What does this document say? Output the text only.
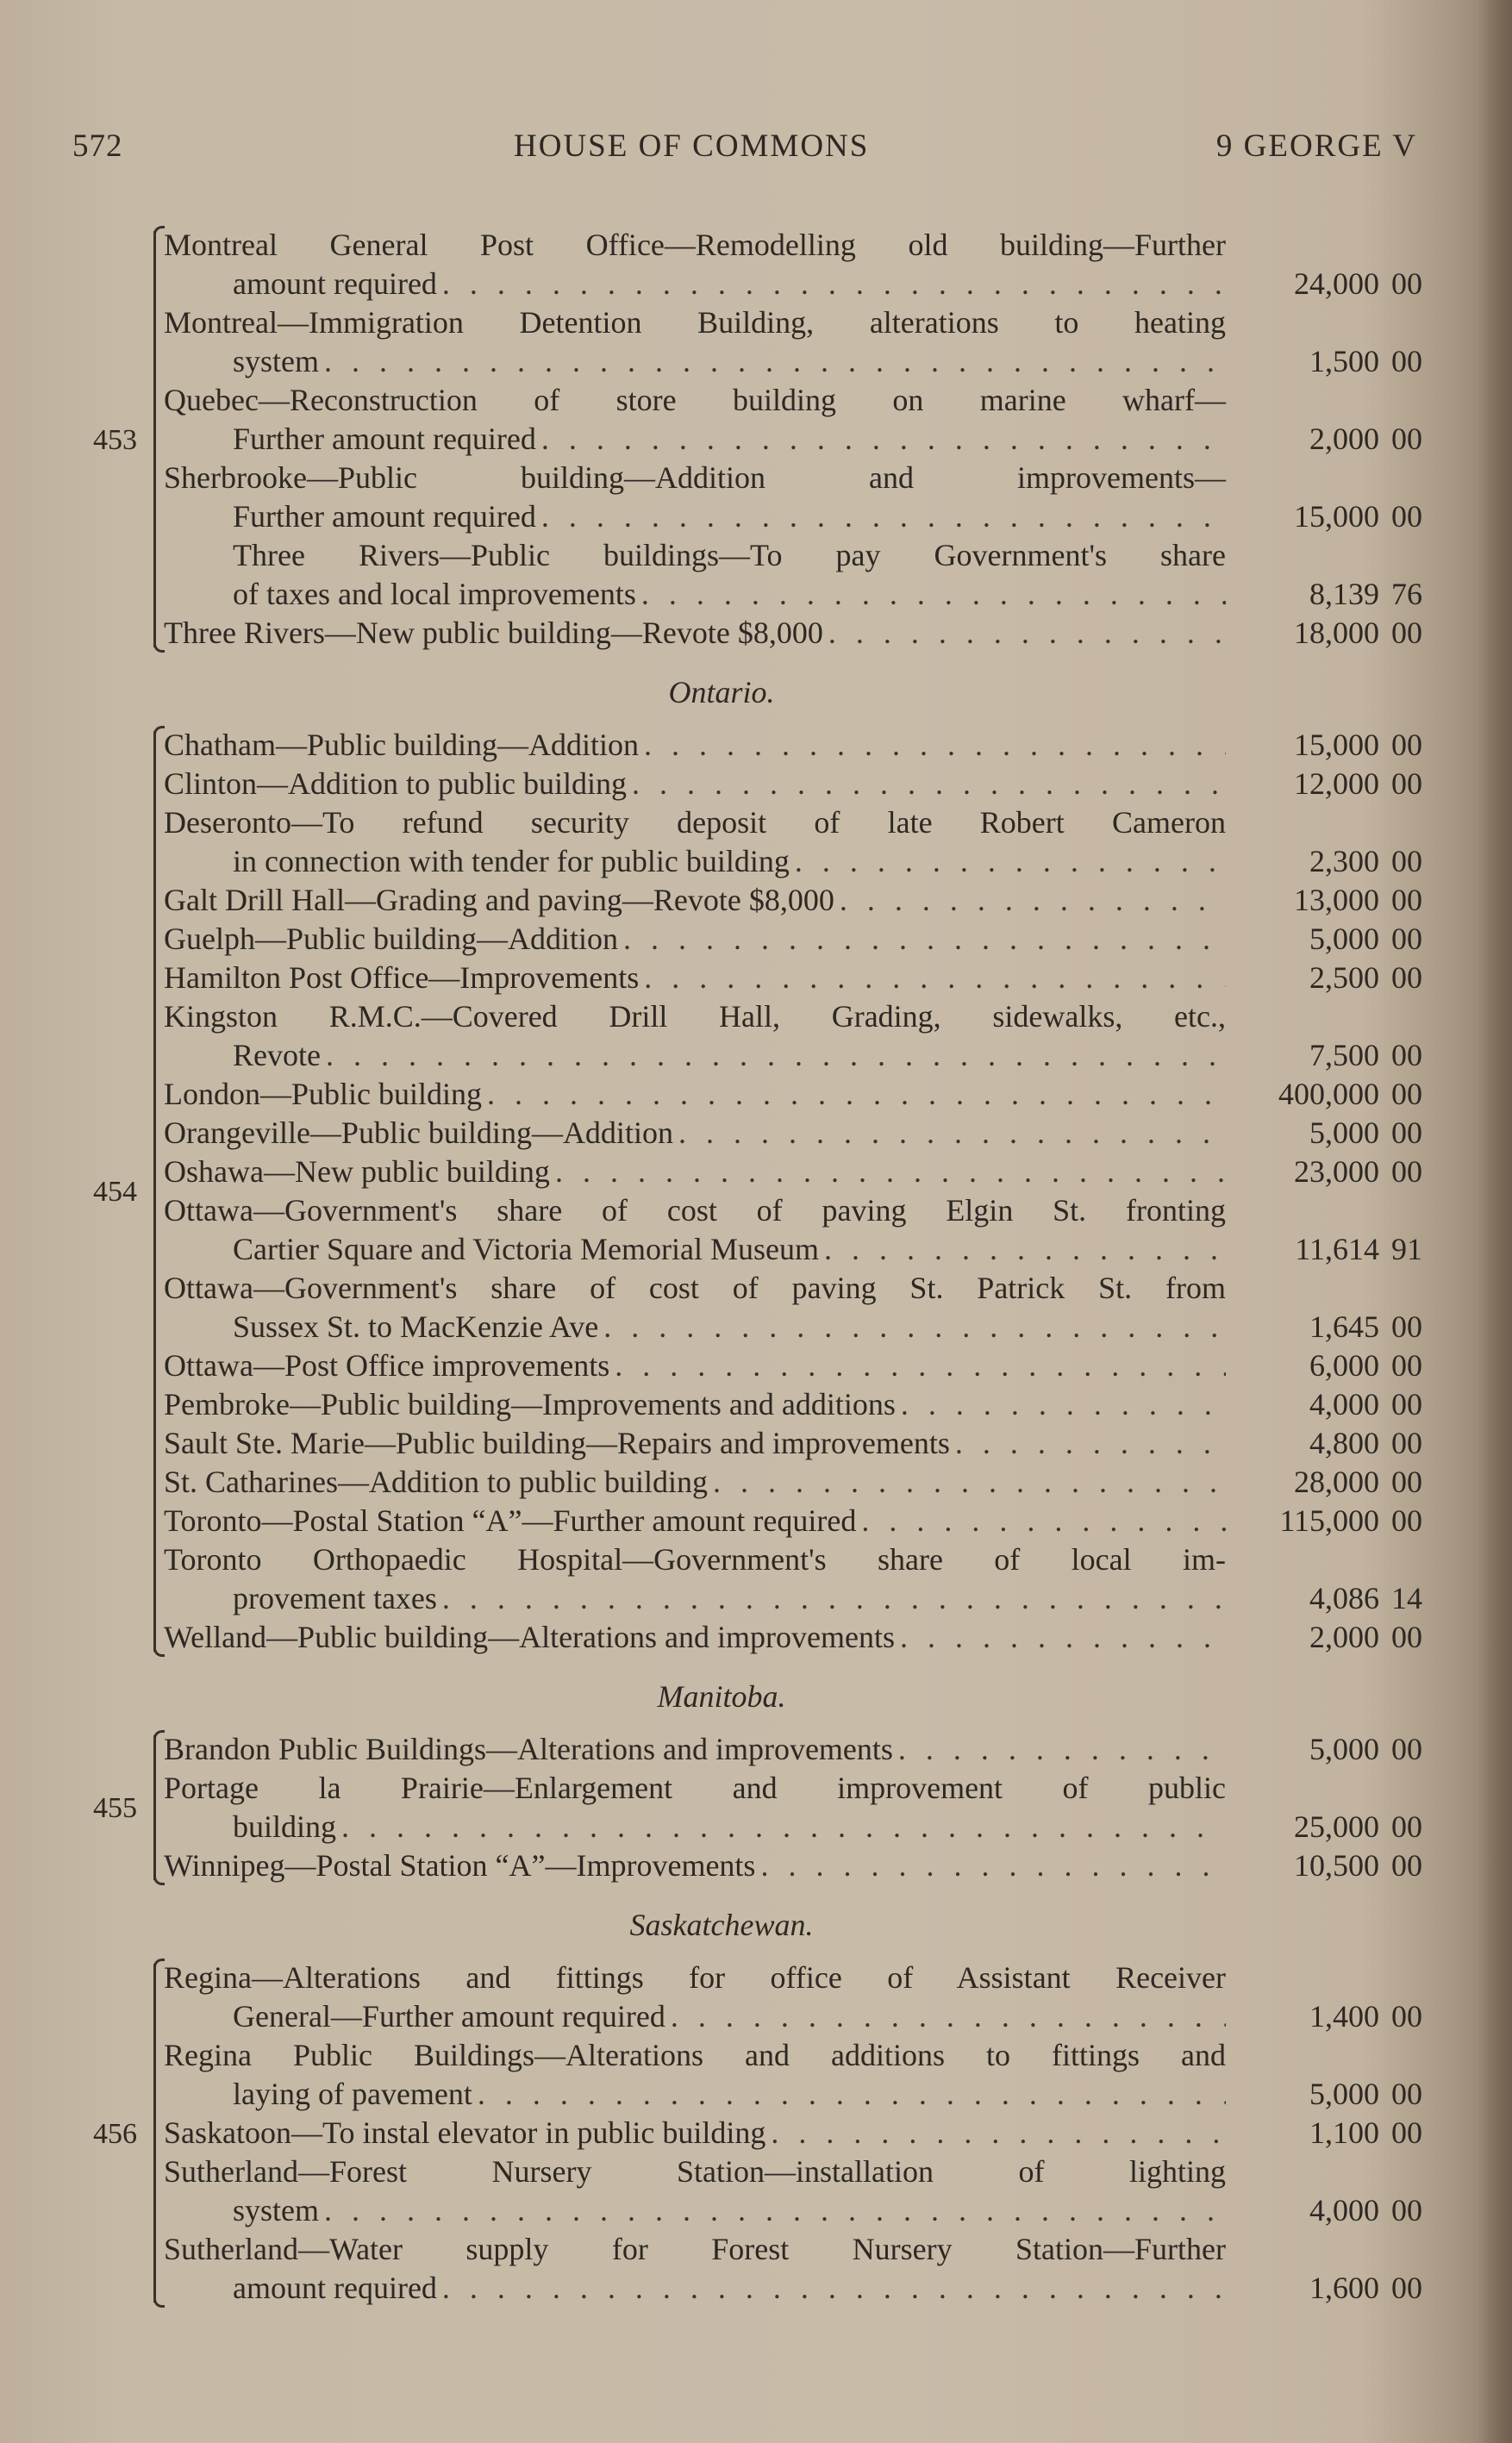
572	HOUSE OF COMMONS	9 GEORGE V
Montreal General Post Office—Remodelling old building—Further
amount required . . .	24,000 00
Montreal—Immigration Detention Building, alterations to heating
system . . .	1,500 00
Quebec—Reconstruction of store building on marine wharf—
Further amount required . . .	2,000 00
Sherbrooke—Public building—Addition and improvements—
Further amount required . . .	15,000 00
Three Rivers—Public buildings—To pay Government's share
of taxes and local improvements . . .	8,139 76
Three Rivers—New public building—Revote $8,000 . . .	18,000 00
453
Ontario.
Chatham—Public building—Addition . . .	15,000 00
Clinton—Addition to public building . . .	12,000 00
Deseronto—To refund security deposit of late Robert Cameron
in connection with tender for public building . . .	2,300 00
Galt Drill Hall—Grading and paving—Revote $8,000 . . .	13,000 00
Guelph—Public building—Addition . . .	5,000 00
Hamilton Post Office—Improvements . . .	2,500 00
Kingston R.M.C.—Covered Drill Hall, Grading, sidewalks, etc.,
Revote . . .	7,500 00
London—Public building . . .	400,000 00
Orangeville—Public building—Addition . . .	5,000 00
Oshawa—New public building . . .	23,000 00
Ottawa—Government's share of cost of paving Elgin St. fronting
Cartier Square and Victoria Memorial Museum . . .	11,614 91
Ottawa—Government's share of cost of paving St. Patrick St. from
Sussex St. to MacKenzie Ave . . .	1,645 00
Ottawa—Post Office improvements . . .	6,000 00
Pembroke—Public building—Improvements and additions . . .	4,000 00
Sault Ste. Marie—Public building—Repairs and improvements . . .	4,800 00
St. Catharines—Addition to public building . . .	28,000 00
Toronto—Postal Station “A”—Further amount required . . .	115,000 00
Toronto Orthopaedic Hospital—Government's share of local im-
provement taxes . . .	4,086 14
Welland—Public building—Alterations and improvements . . .	2,000 00
454
Manitoba.
Brandon Public Buildings—Alterations and improvements . . .	5,000 00
Portage la Prairie—Enlargement and improvement of public
building . . .	25,000 00
Winnipeg—Postal Station “A”—Improvements . . .	10,500 00
455
Saskatchewan.
Regina—Alterations and fittings for office of Assistant Receiver
General—Further amount required . . .	1,400 00
Regina Public Buildings—Alterations and additions to fittings and
laying of pavement . . .	5,000 00
Saskatoon—To instal elevator in public building . . .	1,100 00
Sutherland—Forest Nursery Station—installation of lighting
system . . .	4,000 00
Sutherland—Water supply for Forest Nursery Station—Further
amount required . . .	1,600 00
456
